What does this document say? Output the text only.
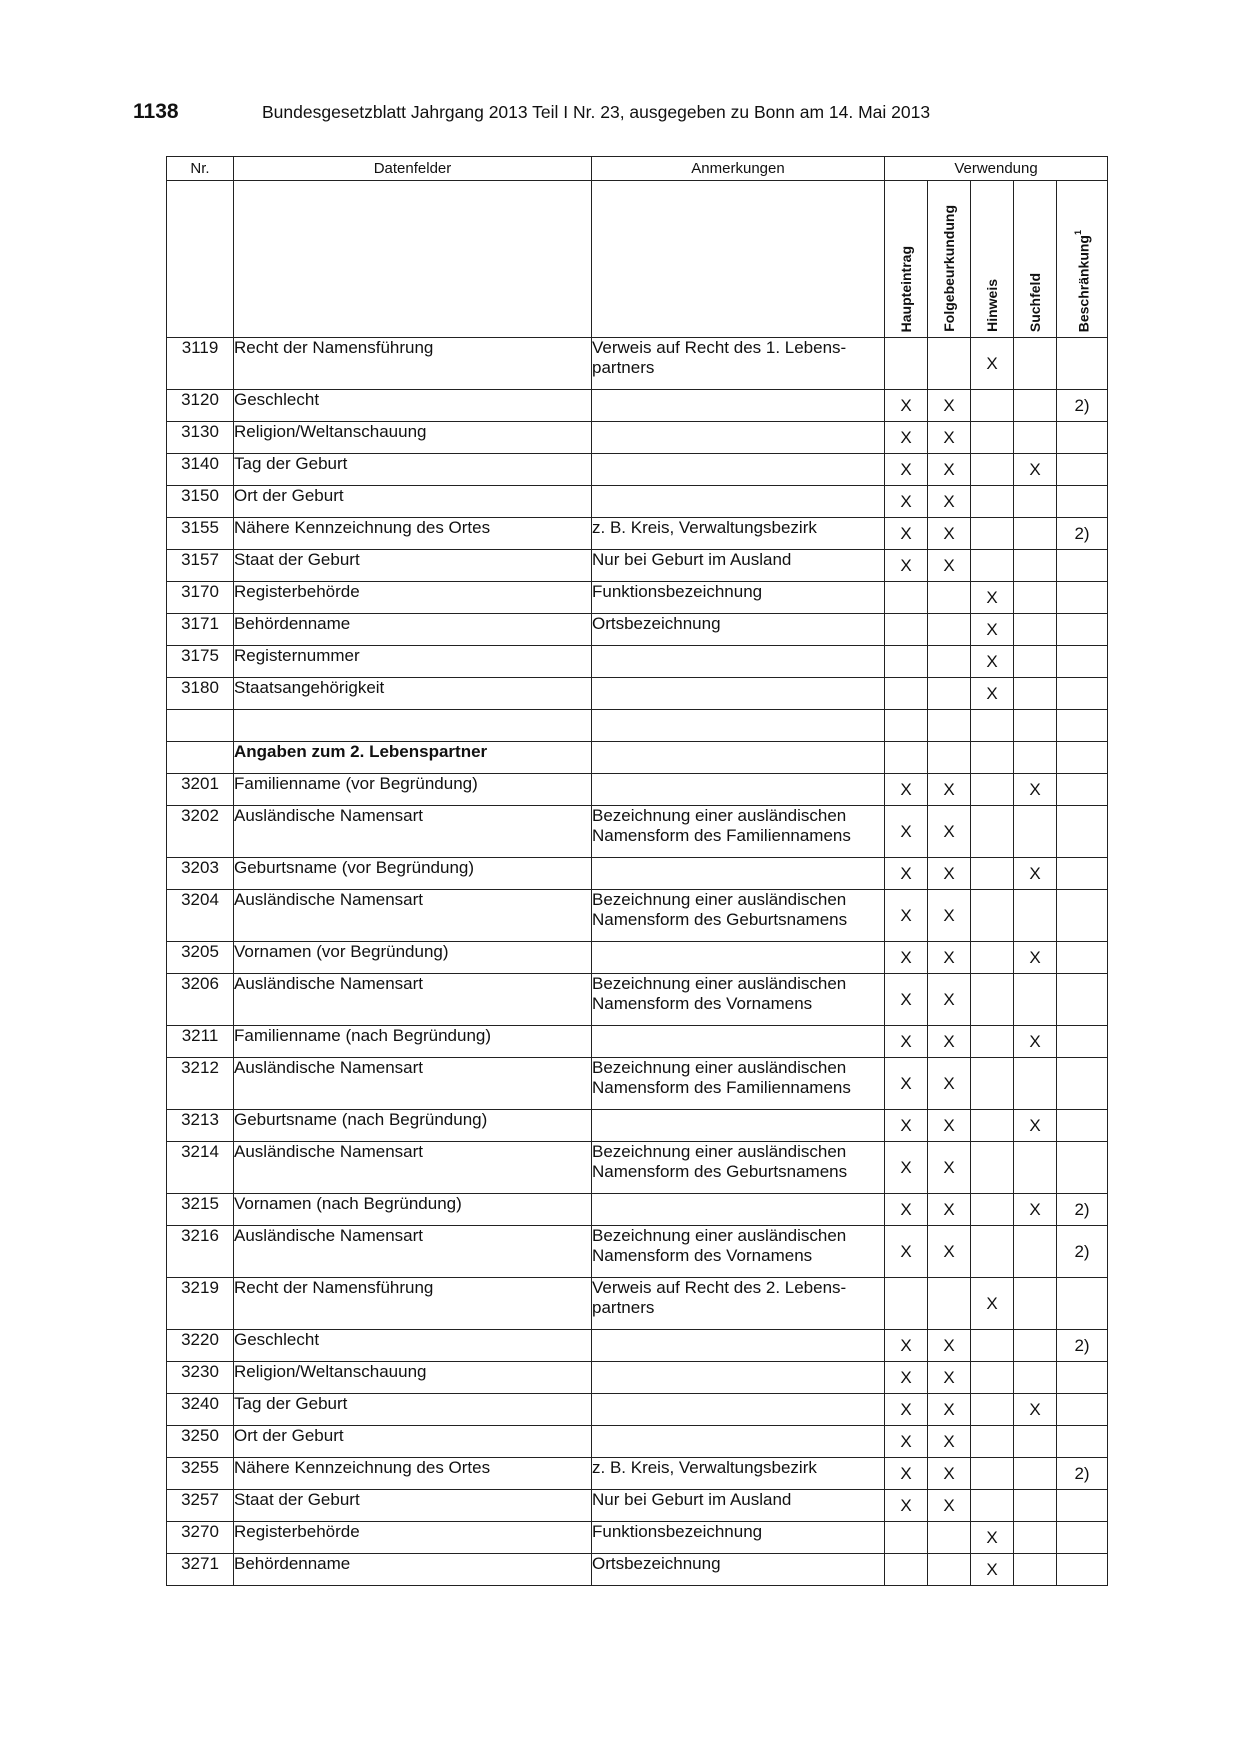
1138	Bundesgesetzblatt Jahrgang 2013 Teil I Nr. 23, ausgegeben zu Bonn am 14. Mai 2013
Nr.	Datenfelder	Anmerkungen	Verwendung				
			Haupteintrag	Folgebeurkundung	Hinweis	Suchfeld	Beschränkung$^1$
3119	Recht der Namensführung	Verweis auf Recht des 1. Lebens-partners			X		
3120	Geschlecht		X	X			2)
3130	Religion/Weltanschauung		X	X			
3140	Tag der Geburt		X	X		X	
3150	Ort der Geburt		X	X			
3155	Nähere Kennzeichnung des Ortes	z. B. Kreis, Verwaltungsbezirk	X	X			2)
3157	Staat der Geburt	Nur bei Geburt im Ausland	X	X			
3170	Registerbehörde	Funktionsbezeichnung			X		
3171	Behördenname	Ortsbezeichnung			X		
3175	Registernummer				X		
3180	Staatsangehörigkeit				X		

	Angaben zum 2. Lebenspartner						
3201	Familienname (vor Begründung)		X	X		X	
3202	Ausländische Namensart	Bezeichnung einer ausländischen Namensform des Familiennamens	X	X			
3203	Geburtsname (vor Begründung)		X	X		X	
3204	Ausländische Namensart	Bezeichnung einer ausländischen Namensform des Geburtsnamens	X	X			
3205	Vornamen (vor Begründung)		X	X		X	
3206	Ausländische Namensart	Bezeichnung einer ausländischen Namensform des Vornamens	X	X			
3211	Familienname (nach Begründung)		X	X		X	
3212	Ausländische Namensart	Bezeichnung einer ausländischen Namensform des Familiennamens	X	X			
3213	Geburtsname (nach Begründung)		X	X		X	
3214	Ausländische Namensart	Bezeichnung einer ausländischen Namensform des Geburtsnamens	X	X			
3215	Vornamen (nach Begründung)		X	X		X	2)
3216	Ausländische Namensart	Bezeichnung einer ausländischen Namensform des Vornamens	X	X			2)
3219	Recht der Namensführung	Verweis auf Recht des 2. Lebens-partners			X		
3220	Geschlecht		X	X			2)
3230	Religion/Weltanschauung		X	X			
3240	Tag der Geburt		X	X		X	
3250	Ort der Geburt		X	X			
3255	Nähere Kennzeichnung des Ortes	z. B. Kreis, Verwaltungsbezirk	X	X			2)
3257	Staat der Geburt	Nur bei Geburt im Ausland	X	X			
3270	Registerbehörde	Funktionsbezeichnung			X		
3271	Behördenname	Ortsbezeichnung			X		
